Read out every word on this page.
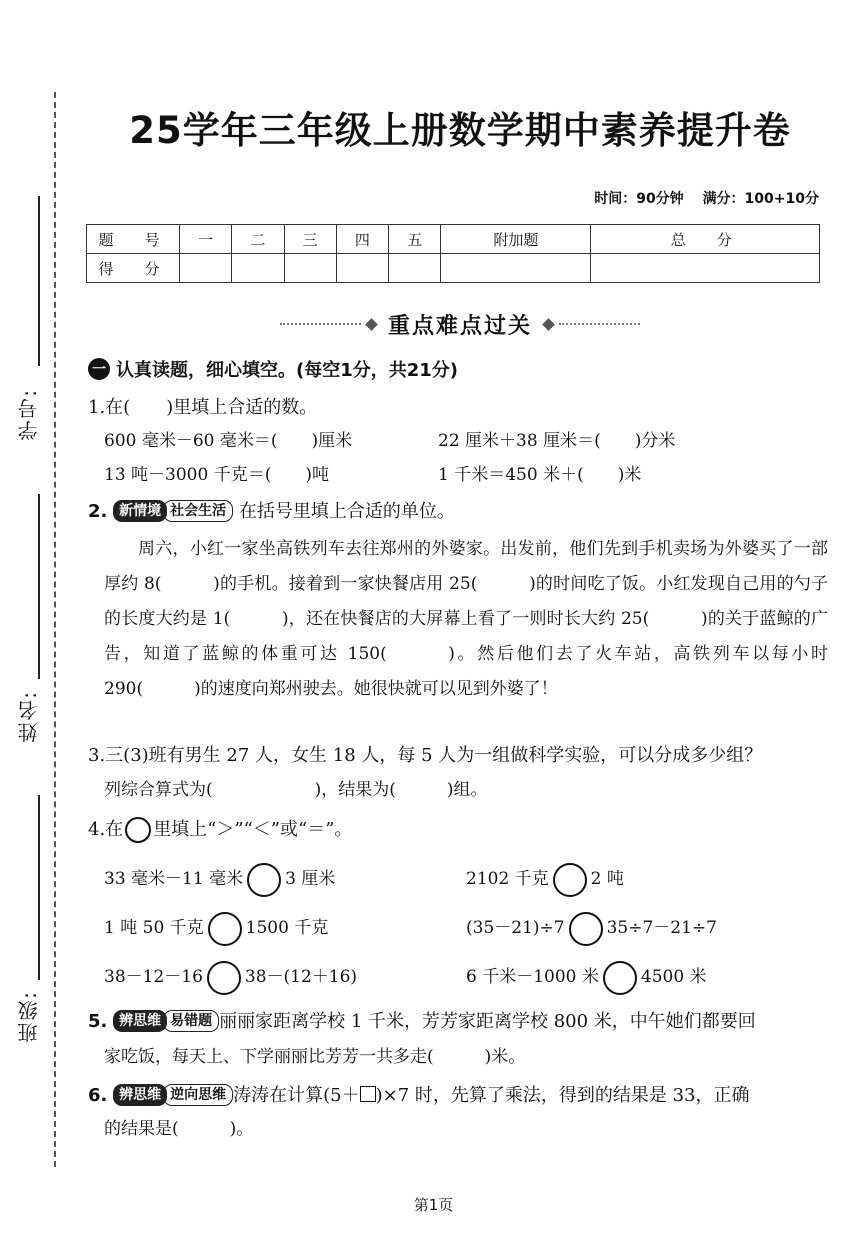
学号:
姓名:
班级:
25学年三年级上册数学期中素养提升卷
时间：90分钟 满分：100+10分
题　号	一	二	三	四	五	附加题	总　分
得　分							
重点难点过关
一 认真读题，细心填空。(每空1分，共21分)
1.在(　　)里填上合适的数。
600 毫米－60 毫米＝(　　)厘米	22 厘米＋38 厘米＝(　　)分米
13 吨－3000 千克＝(　　)吨	1 千米＝450 米＋(　　)米
2. 新情境 社会生活 在括号里填上合适的单位。
周六，小红一家坐高铁列车去往郑州的外婆家。出发前，他们先到手机卖场为外婆买了一部厚约 8(　　　)的手机。接着到一家快餐店用 25(　　　)的时间吃了饭。小红发现自己用的勺子的长度大约是 1(　　　)，还在快餐店的大屏幕上看了一则时长大约 25(　　　)的关于蓝鲸的广告，知道了蓝鲸的体重可达 150(　　　)。然后他们去了火车站，高铁列车以每小时 290(　　　)的速度向郑州驶去。她很快就可以见到外婆了！
3.三(3)班有男生 27 人，女生 18 人，每 5 人为一组做科学实验，可以分成多少组？
列综合算式为(　　　　　　)，结果为(　　　)组。
4.在 里填上“＞”“＜”或“＝”。
33 毫米－11 毫米 3 厘米	2102 千克 2 吨
1 吨 50 千克 1500 千克	(35－21)÷7 35÷7－21÷7
38－12－16 38－(12＋16)	6 千米－1000 米 4500 米
5. 辨思维 易错题 丽丽家距离学校 1 千米，芳芳家距离学校 800 米，中午她们都要回
家吃饭，每天上、下学丽丽比芳芳一共多走(　　　)米。
6. 辨思维 逆向思维 涛涛在计算(5＋ )×7 时，先算了乘法，得到的结果是 33，正确
的结果是(　　　)。
第1页
